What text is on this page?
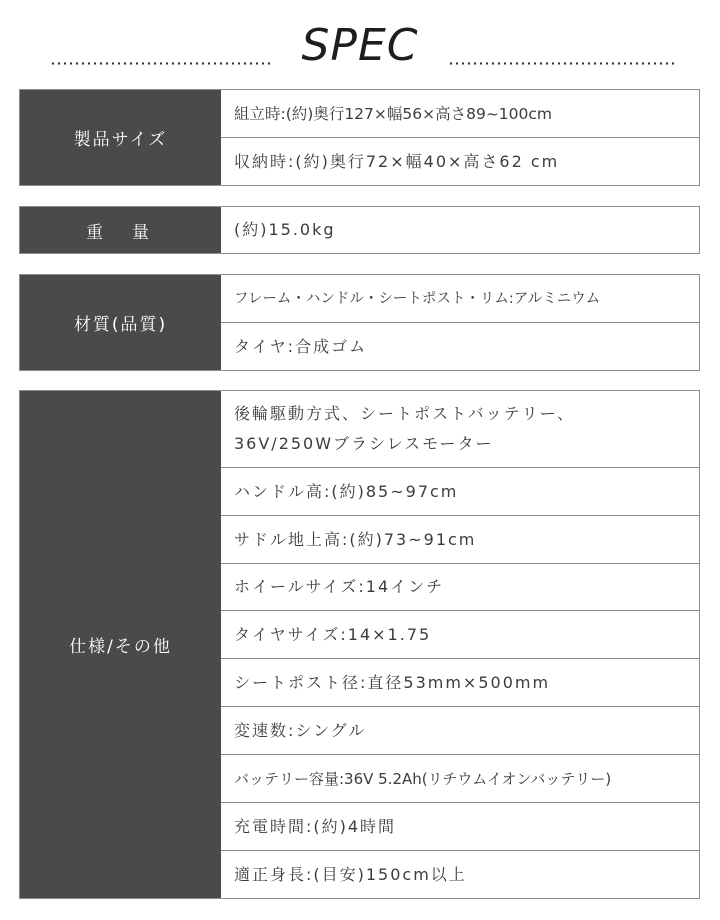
SPEC
製品サイズ
組立時:(約)奥行127×幅56×高さ89~100cm
収納時:(約)奥行72×幅40×高さ62 cm
重　量	(約)15.0kg
材質(品質)
フレーム・ハンドル・シートポスト・リム:アルミニウム
タイヤ:合成ゴム
仕様/その他
後輪駆動方式、シートポストバッテリー、
36V/250Wブラシレスモーター
ハンドル高:(約)85~97cm
サドル地上高:(約)73~91cm
ホイールサイズ:14インチ
タイヤサイズ:14×1.75
シートポスト径:直径53mm×500mm
変速数:シングル
バッテリー容量:36V 5.2Ah(リチウムイオンバッテリー)
充電時間:(約)4時間
適正身長:(目安)150cm以上
